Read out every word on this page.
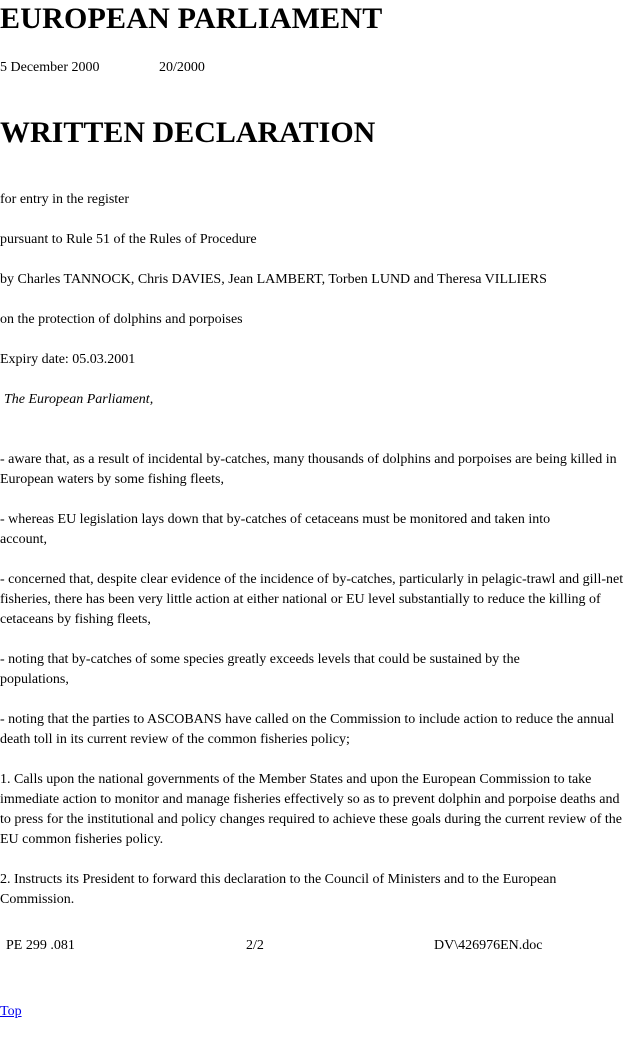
EUROPEAN PARLIAMENT
5 December 2000	20/2000
WRITTEN DECLARATION
for entry in the register
pursuant to Rule 51 of the Rules of Procedure
by Charles TANNOCK, Chris DAVIES, Jean LAMBERT, Torben LUND and Theresa VILLIERS
on the protection of dolphins and porpoises
Expiry date: 05.03.2001
The European Parliament,
- aware that, as a result of incidental by-catches, many thousands of dolphins and porpoises are being killed in European waters by some fishing fleets,
- whereas EU legislation lays down that by-catches of cetaceans must be monitored and taken into account,
- concerned that, despite clear evidence of the incidence of by-catches, particularly in pelagic-trawl and gill-net fisheries, there has been very little action at either national or EU level substantially to reduce the killing of cetaceans by fishing fleets,
- noting that by-catches of some species greatly exceeds levels that could be sustained by the populations,
- noting that the parties to ASCOBANS have called on the Commission to include action to reduce the annual death toll in its current review of the common fisheries policy;
1. Calls upon the national governments of the Member States and upon the European Commission to take immediate action to monitor and manage fisheries effectively so as to prevent dolphin and porpoise deaths and to press for the institutional and policy changes required to achieve these goals during the current review of the EU common fisheries policy.
2. Instructs its President to forward this declaration to the Council of Ministers and to the European Commission.
PE 299 .081	2/2	DV\426976EN.doc
Top
